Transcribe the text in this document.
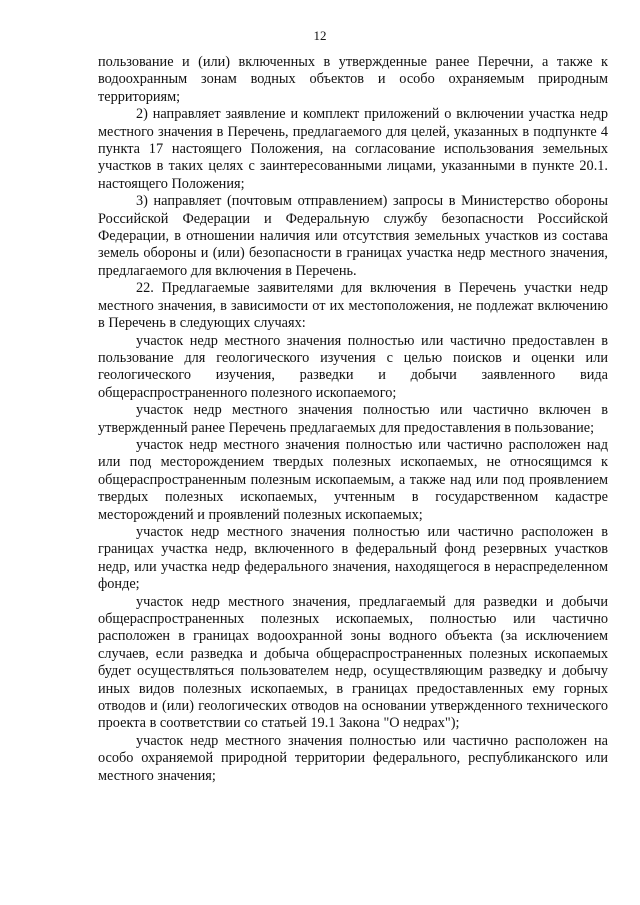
12

пользование и (или) включенных в утвержденные ранее Перечни, а также к водоохранным зонам водных объектов и особо охраняемым природным территориям;

2) направляет заявление и комплект приложений о включении участка недр местного значения в Перечень, предлагаемого для целей, указанных в подпункте 4 пункта 17 настоящего Положения, на согласование использования земельных участков в таких целях с заинтересованными лицами, указанными в пункте 20.1. настоящего Положения;

3) направляет (почтовым отправлением) запросы в Министерство обороны Российской Федерации и Федеральную службу безопасности Российской Федерации, в отношении наличия или отсутствия земельных участков из состава земель обороны и (или) безопасности в границах участка недр местного значения, предлагаемого для включения в Перечень.

22. Предлагаемые заявителями для включения в Перечень участки недр местного значения, в зависимости от их местоположения, не подлежат включению в Перечень в следующих случаях:

участок недр местного значения полностью или частично предоставлен в пользование для геологического изучения с целью поисков и оценки или геологического изучения, разведки и добычи заявленного вида общераспространенного полезного ископаемого;

участок недр местного значения полностью или частично включен в утвержденный ранее Перечень предлагаемых для предоставления в пользование;

участок недр местного значения полностью или частично расположен над или под месторождением твердых полезных ископаемых, не относящимся к общераспространенным полезным ископаемым, а также над или под проявлением твердых полезных ископаемых, учтенным в государственном кадастре месторождений и проявлений полезных ископаемых;

участок недр местного значения полностью или частично расположен в границах участка недр, включенного в федеральный фонд резервных участков недр, или участка недр федерального значения, находящегося в нераспределенном фонде;

участок недр местного значения, предлагаемый для разведки и добычи общераспространенных полезных ископаемых, полностью или частично расположен в границах водоохранной зоны водного объекта (за исключением случаев, если разведка и добыча общераспространенных полезных ископаемых будет осуществляться пользователем недр, осуществляющим разведку и добычу иных видов полезных ископаемых, в границах предоставленных ему горных отводов и (или) геологических отводов на основании утвержденного технического проекта в соответствии со статьей 19.1 Закона "О недрах");

участок недр местного значения полностью или частично расположен на особо охраняемой природной территории федерального, республиканского или местного значения;
